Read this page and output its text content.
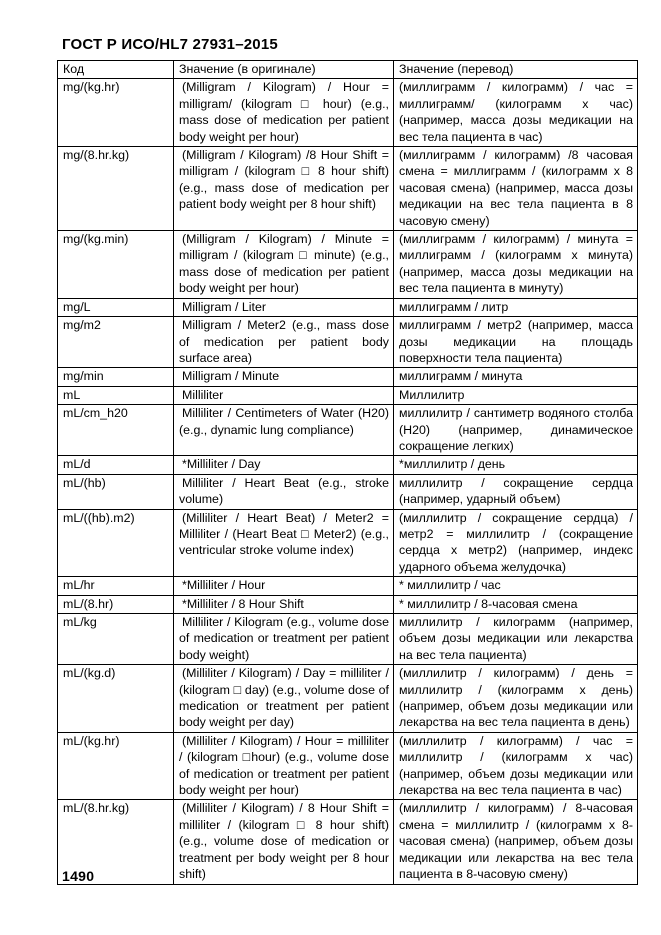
ГОСТ Р ИСО/HL7 27931–2015
Код	Значение (в оригинале)	Значение (перевод)
mg/(kg.hr)	(Milligram / Kilogram) / Hour = milligram/ (kilogram □ hour) (e.g., mass dose of medication per patient body weight per hour)	(миллиграмм / килограмм) / час = миллиграмм/ (килограмм х час) (например, масса дозы медикации на вес тела пациента в час)
mg/(8.hr.kg)	(Milligram / Kilogram) /8 Hour Shift = milligram / (kilogram □ 8 hour shift) (e.g., mass dose of medication per patient body weight per 8 hour shift)	(миллиграмм / килограмм) /8 часовая смена = миллиграмм / (килограмм х 8 часовая смена) (например, масса дозы медикации на вес тела пациента в 8 часовую смену)
mg/(kg.min)	(Milligram / Kilogram) / Minute = milligram / (kilogram □ minute) (e.g., mass dose of medication per patient body weight per hour)	(миллиграмм / килограмм) / минута = миллиграмм / (килограмм х минута) (например, масса дозы медикации на вес тела пациента в минуту)
mg/L	Milligram / Liter	миллиграмм / литр
mg/m2	Milligram / Meter2 (e.g., mass dose of medication per patient body surface area)	миллиграмм / метр2 (например, масса дозы медикации на площадь поверхности тела пациента)
mg/min	Milligram / Minute	миллиграмм / минута
mL	Milliliter	Миллилитр
mL/cm_h20	Milliliter / Centimeters of Water (H20) (e.g., dynamic lung compliance)	миллилитр / сантиметр водяного столба (H20) (например, динамическое сокращение легких)
mL/d	*Milliliter / Day	*миллилитр / день
mL/(hb)	Milliliter / Heart Beat (e.g., stroke volume)	миллилитр / сокращение сердца (например, ударный объем)
mL/((hb).m2)	(Milliliter / Heart Beat) / Meter2 = Milliliter / (Heart Beat □ Meter2) (e.g., ventricular stroke volume index)	(миллилитр / сокращение сердца) / метр2 = миллилитр / (сокращение сердца х метр2) (например, индекс ударного объема желудочка)
mL/hr	*Milliliter / Hour	* миллилитр / час
mL/(8.hr)	*Milliliter / 8 Hour Shift	* миллилитр / 8-часовая смена
mL/kg	Milliliter / Kilogram (e.g., volume dose of medication or treatment per patient body weight)	миллилитр / килограмм (например, объем дозы медикации или лекарства на вес тела пациента)
mL/(kg.d)	(Milliliter / Kilogram) / Day = milliliter / (kilogram □ day) (e.g., volume dose of medication or treatment per patient body weight per day)	(миллилитр / килограмм) / день = миллилитр / (килограмм х день) (например, объем дозы медикации или лекарства на вес тела пациента в день)
mL/(kg.hr)	(Milliliter / Kilogram) / Hour = milliliter / (kilogram □hour) (e.g., volume dose of medication or treatment per patient body weight per hour)	(миллилитр / килограмм) / час = миллилитр / (килограмм х час) (например, объем дозы медикации или лекарства на вес тела пациента в час)
mL/(8.hr.kg)	(Milliliter / Kilogram) / 8 Hour Shift = milliliter / (kilogram □ 8 hour shift) (e.g., volume dose of medication or treatment per body weight per 8 hour shift)	(миллилитр / килограмм) / 8-часовая смена = миллилитр / (килограмм х 8-часовая смена) (например, объем дозы медикации или лекарства на вес тела пациента в 8-часовую смену)
1490
